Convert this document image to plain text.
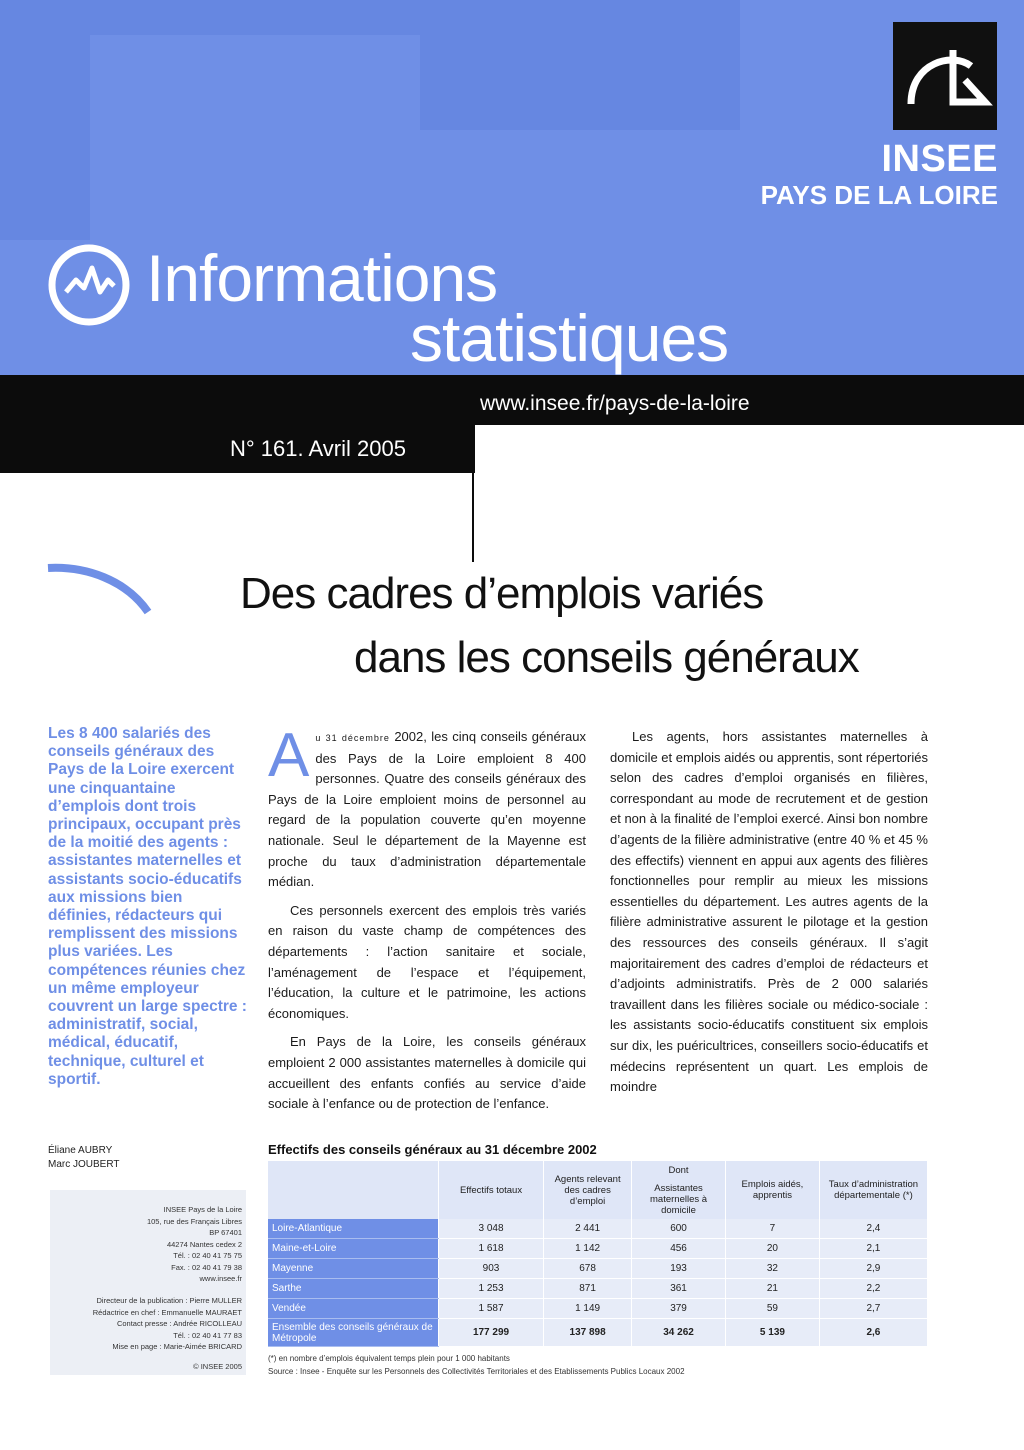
INSEE
PAYS DE LA LOIRE
Informations
statistiques
www.insee.fr/pays-de-la-loire
N° 161. Avril 2005
Des cadres d’emplois variés
dans les conseils généraux
Les 8 400 salariés des conseils généraux des Pays de la Loire exercent une cinquantaine d’emplois dont trois principaux, occupant près de la moitié des agents : assistantes maternelles et assistants socio-éducatifs aux missions bien définies, rédacteurs qui remplissent des missions plus variées. Les compétences réunies chez un même employeur couvrent un large spectre : administratif, social, médical, éducatif, technique, culturel et sportif.
Éliane AUBRY
Marc JOUBERT
INSEE Pays de la Loire
105, rue des Français Libres
BP 67401
44274 Nantes cedex 2
Tél. : 02 40 41 75 75
Fax. : 02 40 41 79 38
www.insee.fr
Directeur de la publication : Pierre MULLER
Rédactrice en chef : Emmanuelle MAURAET
Contact presse : Andrée RICOLLEAU
Tél. : 02 40 41 77 83
Mise en page : Marie-Aimée BRICARD
© INSEE 2005

Au 31 décembre 2002, les cinq conseils généraux des Pays de la Loire emploient 8 400 personnes. Quatre des conseils généraux des Pays de la Loire emploient moins de personnel au regard de la population couverte qu’en moyenne nationale. Seul le département de la Mayenne est proche du taux d’administration départementale médian.

Ces personnels exercent des emplois très variés en raison du vaste champ de compétences des départements : l’action sanitaire et sociale, l’aménagement de l’espace et l’équipement, l’éducation, la culture et le patrimoine, les actions économiques.

En Pays de la Loire, les conseils généraux emploient 2 000 assistantes maternelles à domicile qui accueillent des enfants confiés au service d’aide sociale à l’enfance ou de protection de l’enfance.

Les agents, hors assistantes maternelles à domicile et emplois aidés ou apprentis, sont répertoriés selon des cadres d’emploi organisés en filières, correspondant au mode de recrutement et de gestion et non à la finalité de l’emploi exercé. Ainsi bon nombre d’agents de la filière administrative (entre 40 % et 45 % des effectifs) viennent en appui aux agents des filières fonctionnelles pour remplir au mieux les missions essentielles du département. Les autres agents de la filière administrative assurent le pilotage et la gestion des ressources des conseils généraux. Il s’agit majoritairement des cadres d’emploi de rédacteurs et d’adjoints administratifs. Près de 2 000 salariés travaillent dans les filières sociale ou médico-sociale : les assistants socio-éducatifs constituent six emplois sur dix, les puéricultrices, conseillers socio-éducatifs et médecins représentent un quart. Les emplois de moindre

Effectifs des conseils généraux au 31 décembre 2002
	Effectifs totaux	Agents relevant des cadres d’emploi	Dont	Emplois aidés, apprentis	Taux d’administration départementale (*)
			Assistantes maternelles à domicile		
Loire-Atlantique	3 048	2 441	600	7	2,4
Maine-et-Loire	1 618	1 142	456	20	2,1
Mayenne	903	678	193	32	2,9
Sarthe	1 253	871	361	21	2,2
Vendée	1 587	1 149	379	59	2,7
Ensemble des conseils généraux de Métropole	177 299	137 898	34 262	5 139	2,6
(*) en nombre d’emplois équivalent temps plein pour 1 000 habitants
Source : Insee - Enquête sur les Personnels des Collectivités Territoriales et des Etablissements Publics Locaux 2002
